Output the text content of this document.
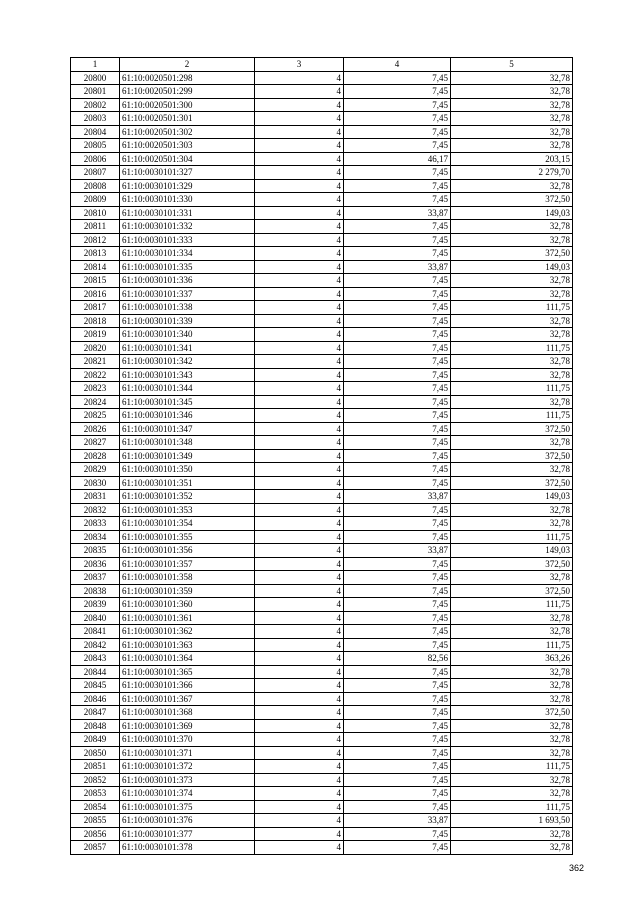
1	2	3	4	5
20800	61:10:0020501:298	4	7,45	32,78
20801	61:10:0020501:299	4	7,45	32,78
20802	61:10:0020501:300	4	7,45	32,78
20803	61:10:0020501:301	4	7,45	32,78
20804	61:10:0020501:302	4	7,45	32,78
20805	61:10:0020501:303	4	7,45	32,78
20806	61:10:0020501:304	4	46,17	203,15
20807	61:10:0030101:327	4	7,45	2 279,70
20808	61:10:0030101:329	4	7,45	32,78
20809	61:10:0030101:330	4	7,45	372,50
20810	61:10:0030101:331	4	33,87	149,03
20811	61:10:0030101:332	4	7,45	32,78
20812	61:10:0030101:333	4	7,45	32,78
20813	61:10:0030101:334	4	7,45	372,50
20814	61:10:0030101:335	4	33,87	149,03
20815	61:10:0030101:336	4	7,45	32,78
20816	61:10:0030101:337	4	7,45	32,78
20817	61:10:0030101:338	4	7,45	111,75
20818	61:10:0030101:339	4	7,45	32,78
20819	61:10:0030101:340	4	7,45	32,78
20820	61:10:0030101:341	4	7,45	111,75
20821	61:10:0030101:342	4	7,45	32,78
20822	61:10:0030101:343	4	7,45	32,78
20823	61:10:0030101:344	4	7,45	111,75
20824	61:10:0030101:345	4	7,45	32,78
20825	61:10:0030101:346	4	7,45	111,75
20826	61:10:0030101:347	4	7,45	372,50
20827	61:10:0030101:348	4	7,45	32,78
20828	61:10:0030101:349	4	7,45	372,50
20829	61:10:0030101:350	4	7,45	32,78
20830	61:10:0030101:351	4	7,45	372,50
20831	61:10:0030101:352	4	33,87	149,03
20832	61:10:0030101:353	4	7,45	32,78
20833	61:10:0030101:354	4	7,45	32,78
20834	61:10:0030101:355	4	7,45	111,75
20835	61:10:0030101:356	4	33,87	149,03
20836	61:10:0030101:357	4	7,45	372,50
20837	61:10:0030101:358	4	7,45	32,78
20838	61:10:0030101:359	4	7,45	372,50
20839	61:10:0030101:360	4	7,45	111,75
20840	61:10:0030101:361	4	7,45	32,78
20841	61:10:0030101:362	4	7,45	32,78
20842	61:10:0030101:363	4	7,45	111,75
20843	61:10:0030101:364	4	82,56	363,26
20844	61:10:0030101:365	4	7,45	32,78
20845	61:10:0030101:366	4	7,45	32,78
20846	61:10:0030101:367	4	7,45	32,78
20847	61:10:0030101:368	4	7,45	372,50
20848	61:10:0030101:369	4	7,45	32,78
20849	61:10:0030101:370	4	7,45	32,78
20850	61:10:0030101:371	4	7,45	32,78
20851	61:10:0030101:372	4	7,45	111,75
20852	61:10:0030101:373	4	7,45	32,78
20853	61:10:0030101:374	4	7,45	32,78
20854	61:10:0030101:375	4	7,45	111,75
20855	61:10:0030101:376	4	33,87	1 693,50
20856	61:10:0030101:377	4	7,45	32,78
20857	61:10:0030101:378	4	7,45	32,78
362
